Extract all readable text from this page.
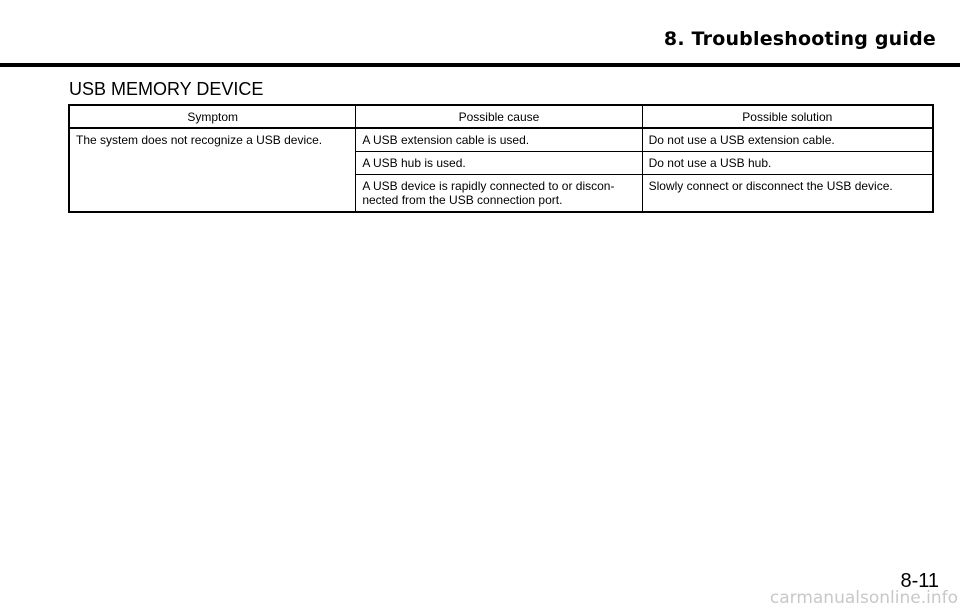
8. Troubleshooting guide
USB MEMORY DEVICE
Symptom	Possible cause	Possible solution

The system does not recognize a USB device.	A USB extension cable is used.	Do not use a USB extension cable.

	A USB hub is used.	Do not use a USB hub.

	A USB device is rapidly connected to or discon-
nected from the USB connection port.	Slowly connect or disconnect the USB device.
8-11
carmanualsonline.info
